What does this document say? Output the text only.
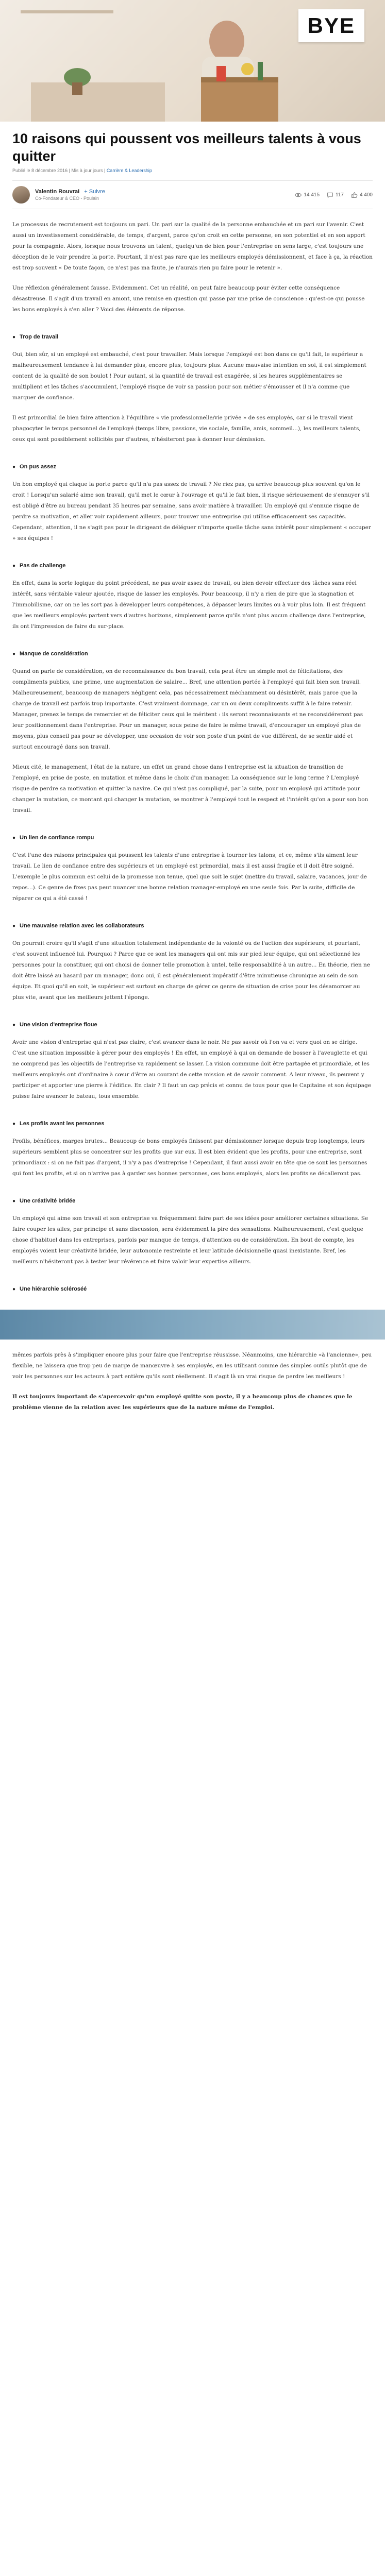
BYE
10 raisons qui poussent vos meilleurs talents à vous quitter
Publié le 8 décembre 2016 | Mis à jour jours | Carrière & Leadership
Valentin Rouvrai + Suivre
Co-Fondateur & CEO - Poulain
14 415	117	4 400

Le processus de recrutement est toujours un pari. Un pari sur la qualité de la personne embauchée et un pari sur l'avenir. C'est aussi un investissement considérable, de temps, d'argent, parce qu'on croit en cette personne, en son potentiel et en son apport pour la compagnie. Alors, lorsque nous trouvons un talent, quelqu'un de bien pour l'entreprise en sens large, c'est toujours une déception de le voir prendre la porte. Pourtant, il n'est pas rare que les meilleurs employés démissionnent, et face à ça, la réaction est trop souvent « De toute façon, ce n'est pas ma faute, je n'aurais rien pu faire pour le retenir ».

Une réflexion généralement fausse. Evidemment. Cet un réalité, on peut faire beaucoup pour éviter cette conséquence désastreuse. Il s'agit d'un travail en amont, une remise en question qui passe par une prise de conscience : qu'est-ce qui pousse les bons employés à s'en aller ? Voici des éléments de réponse.

● Trop de travail

Oui, bien sûr, si un employé est embauché, c'est pour travailler. Mais lorsque l'employé est bon dans ce qu'il fait, le supérieur a malheureusement tendance à lui demander plus, encore plus, toujours plus. Aucune mauvaise intention en soi, il est simplement content de la qualité de son boulot ! Pour autant, si la quantité de travail est exagérée, si les heures supplémentaires se multiplient et les tâches s'accumulent, l'employé risque de voir sa passion pour son métier s'émousser et il n'a comme que marquer de confiance.

Il est primordial de bien faire attention à l'équilibre « vie professionnelle/vie privée » de ses employés, car si le travail vient phagocyter le temps personnel de l'employé (temps libre, passions, vie sociale, famille, amis, sommeil...), les meilleurs talents, ceux qui sont possiblement sollicités par d'autres, n'hésiteront pas à donner leur démission.

● On pus assez

Un bon employé qui claque la porte parce qu'il n'a pas assez de travail ? Ne riez pas, ça arrive beaucoup plus souvent qu'on le croit ! Lorsqu'un salarié aime son travail, qu'il met le cœur à l'ouvrage et qu'il le fait bien, il risque sérieusement de s'ennuyer s'il est obligé d'être au bureau pendant 35 heures par semaine, sans avoir matière à travailler. Un employé qui s'ennuie risque de perdre sa motivation, et aller voir rapidement ailleurs, pour trouver une entreprise qui utilise efficacement ses capacités. Cependant, attention, il ne s'agit pas pour le dirigeant de déléguer n'importe quelle tâche sans intérêt pour simplement « occuper » ses équipes !

● Pas de challenge

En effet, dans la sorte logique du point précédent, ne pas avoir assez de travail, ou bien devoir effectuer des tâches sans réel intérêt, sans véritable valeur ajoutée, risque de lasser les employés. Pour beaucoup, il n'y a rien de pire que la stagnation et l'immobilisme, car on ne les sort pas à développer leurs compétences, à dépasser leurs limites ou à voir plus loin. Il est fréquent que les meilleurs employés partent vers d'autres horizons, simplement parce qu'ils n'ont plus aucun challenge dans l'entreprise, ils ont l'impression de faire du sur-place.

● Manque de considération

Quand on parle de considération, on de reconnaissance du bon travail, cela peut être un simple mot de félicitations, des compliments publics, une prime, une augmentation de salaire... Bref, une attention portée à l'employé qui fait bien son travail. Malheureusement, beaucoup de managers négligent cela, pas nécessairement méchamment ou désintérêt, mais parce que la charge de travail est parfois trop importante. C'est vraiment dommage, car un ou deux compliments suffit à le faire retenir. Manager, prenez le temps de remercier et de féliciter ceux qui le méritent : ils seront reconnaissants et ne reconsidéreront pas leur positionnement dans l'entreprise. Pour un manager, sous peine de faire le même travail, d'encourager un employé plus de moyens, plus conseil pas pour se développer, une occasion de voir son poste d'un point de vue différent, de se sentir aidé et surtout encouragé dans son travail.

Mieux cité, le management, l'état de la nature, un effet un grand chose dans l'entreprise est la situation de transition de l'employé, en prise de poste, en mutation et même dans le choix d'un manager. La conséquence sur le long terme ? L'employé risque de perdre sa motivation et quitter la navire. Ce qui n'est pas compliqué, par la suite, pour un employé qui attitude pour changer la mutation, ce montant qui changer la mutation, se montrer à l'employé tout le respect et l'intérêt qu'on a pour son bon travail.

● Un lien de confiance rompu

C'est l'une des raisons principales qui poussent les talents d'une entreprise à tourner les talons, et ce, même s'ils aiment leur travail. Le lien de confiance entre des supérieurs et un employé est primordial, mais il est aussi fragile et il doit être soigné. L'exemple le plus commun est celui de la promesse non tenue, quel que soit le sujet (mettre du travail, salaire, vacances, jour de repos...). Ce genre de fixes pas peut nuancer une bonne relation manager-employé en une seule fois. Par la suite, difficile de réparer ce qui a été cassé !

● Une mauvaise relation avec les collaborateurs

On pourrait croire qu'il s'agit d'une situation totalement indépendante de la volonté ou de l'action des supérieurs, et pourtant, c'est souvent influencé lui. Pourquoi ? Parce que ce sont les managers qui ont mis sur pied leur équipe, qui ont sélectionné les personnes pour la constituer, qui ont choisi de donner telle promotion à untel, telle responsabilité à un autre... En théorie, rien ne doit être laissé au hasard par un manager, donc oui, il est généralement impératif d'être minutieuse chronique au sein de son équipe. Et quoi qu'il en soit, le supérieur est surtout en charge de gérer ce genre de situation de crise pour les désamorcer au plus vite, avant que les meilleurs jettent l'éponge.

● Une vision d'entreprise floue

Avoir une vision d'entreprise qui n'est pas claire, c'est avancer dans le noir. Ne pas savoir où l'on va et vers quoi on se dirige. C'est une situation impossible à gérer pour des employés ! En effet, un employé à qui on demande de bosser à l'aveuglette et qui ne comprend pas les objectifs de l'entreprise va rapidement se lasser. La vision commune doit être partagée et primordiale, et les meilleurs employés ont d'ordinaire à cœur d'être au courant de cette mission et de savoir comment. A leur niveau, ils peuvent y participer et apporter une pierre à l'édifice. En clair ? Il faut un cap précis et connu de tous pour que le Capitaine et son équipage puisse faire avancer le bateau, tous ensemble.

● Les profils avant les personnes

Profils, bénéfices, marges brutes... Beaucoup de bons employés finissent par démissionner lorsque depuis trop longtemps, leurs supérieurs semblent plus se concentrer sur les profits que sur eux. Il est bien évident que les profits, pour une entreprise, sont primordiaux : si on ne fait pas d'argent, il n'y a pas d'entreprise ! Cependant, il faut aussi avoir en tête que ce sont les personnes qui font les profits, et si on n'arrive pas à garder ses bonnes personnes, ces bons employés, alors les profits se décalleront pas.

● Une créativité bridée

Un employé qui aime son travail et son entreprise va fréquemment faire part de ses idées pour améliorer certaines situations. Se faire couper les ailes, par principe et sans discussion, sera évidemment la pire des sensations. Malheureusement, c'est quelque chose d'habituel dans les entreprises, parfois par manque de temps, d'attention ou de considération. En bout de compte, les employés voient leur créativité bridée, leur autonomie restreinte et leur latitude décisionnelle quasi inexistante. Bref, les meilleurs n'hésiteront pas à tester leur révérence et faire valoir leur expertise ailleurs.

● Une hiérarchie scléroséé

mêmes parfois près à s'impliquer encore plus pour faire que l'entreprise réussisse. Néanmoins, une hiérarchie «à l'ancienne», peu flexible, ne laissera que trop peu de marge de manœuvre à ses employés, en les utilisant comme des simples outils plutôt que de voir les personnes sur les acteurs à part entière qu'ils sont réellement. Il s'agit là un vrai risque de perdre les meilleurs !

Il est toujours important de s'apercevoir qu'un employé quitte son poste, il y a beaucoup plus de chances que le problème vienne de la relation avec les supérieurs que de la nature même de l'emploi.
